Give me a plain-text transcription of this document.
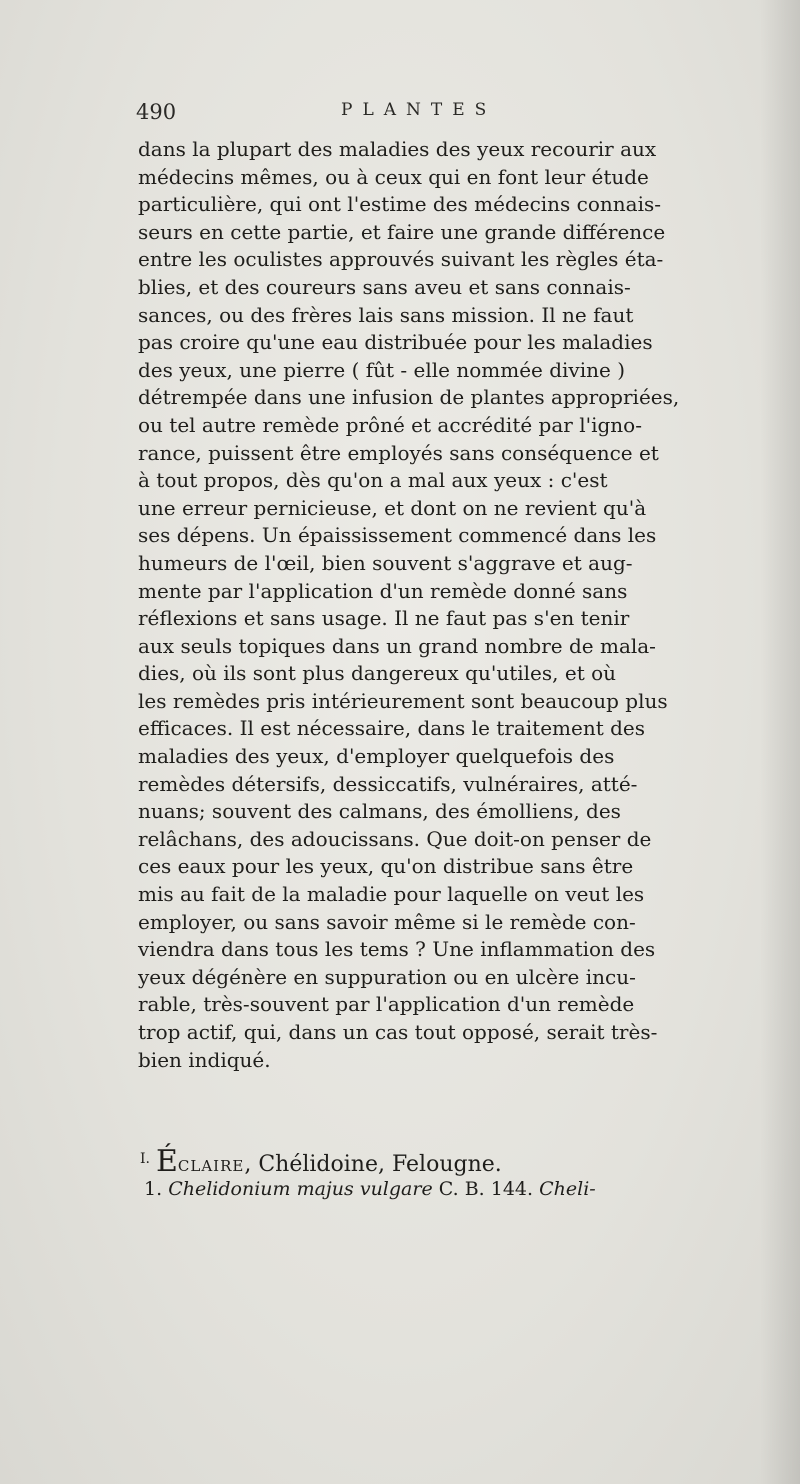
490	PLANTES
dans la plupart des maladies des yeux recourir aux
médecins mêmes, ou à ceux qui en font leur étude
particulière, qui ont l'estime des médecins connais-
seurs en cette partie, et faire une grande différence
entre les oculistes approuvés suivant les règles éta-
blies, et des coureurs sans aveu et sans connais-
sances, ou des frères lais sans mission. Il ne faut
pas croire qu'une eau distribuée pour les maladies
des yeux, une pierre ( fût - elle nommée divine )
détrempée dans une infusion de plantes appropriées,
ou tel autre remède prôné et accrédité par l'igno-
rance, puissent être employés sans conséquence et
à tout propos, dès qu'on a mal aux yeux : c'est
une erreur pernicieuse, et dont on ne revient qu'à
ses dépens. Un épaississement commencé dans les
humeurs de l'œil, bien souvent s'aggrave et aug-
mente par l'application d'un remède donné sans
réflexions et sans usage. Il ne faut pas s'en tenir
aux seuls topiques dans un grand nombre de mala-
dies, où ils sont plus dangereux qu'utiles, et où
les remèdes pris intérieurement sont beaucoup plus
efficaces. Il est nécessaire, dans le traitement des
maladies des yeux, d'employer quelquefois des
remèdes détersifs, dessiccatifs, vulnéraires, atté-
nuans; souvent des calmans, des émolliens, des
relâchans, des adoucissans. Que doit-on penser de
ces eaux pour les yeux, qu'on distribue sans être
mis au fait de la maladie pour laquelle on veut les
employer, ou sans savoir même si le remède con-
viendra dans tous les tems ? Une inflammation des
yeux dégénère en suppuration ou en ulcère incu-
rable, très-souvent par l'application d'un remède
trop actif, qui, dans un cas tout opposé, serait très-
bien indiqué.
$^{I.}$ ÉCLAIRE, Chélidoine, Felougne.
1. Chelidonium majus vulgare C. B. 144. Cheli-
